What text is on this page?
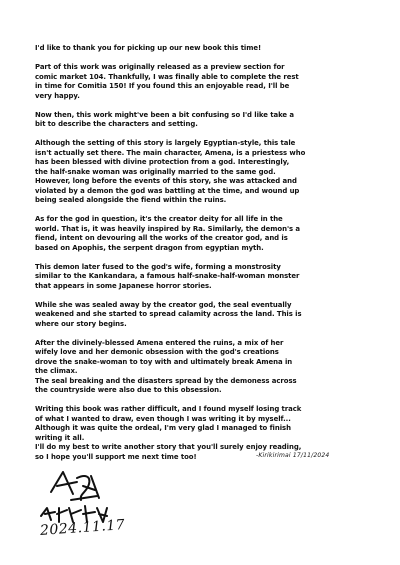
I'd like to thank you for picking up our new book this time!

Part of this work was originally released as a preview section for
comic market 104. Thankfully, I was finally able to complete the rest
in time for Comitia 150! If you found this an enjoyable read, I'll be
very happy.

Now then, this work might've been a bit confusing so I'd like take a
bit to describe the characters and setting.

Although the setting of this story is largely Egyptian-style, this tale
isn't actually set there. The main character, Amena, is a priestess who
has been blessed with divine protection from a god. Interestingly,
the half-snake woman was originally married to the same god.
However, long before the events of this story, she was attacked and
violated by a demon the god was battling at the time, and wound up
being sealed alongside the fiend within the ruins.

As for the god in question, it's the creator deity for all life in the
world. That is, it was heavily inspired by Ra. Similarly, the demon's a
fiend, intent on devouring all the works of the creator god, and is
based on Apophis, the serpent dragon from egyptian myth.

This demon later fused to the god's wife, forming a monstrosity
similar to the Kankandara, a famous half-snake-half-woman monster
that appears in some Japanese horror stories.

While she was sealed away by the creator god, the seal eventually
weakened and she started to spread calamity across the land. This is
where our story begins.

After the divinely-blessed Amena entered the ruins, a mix of her
wifely love and her demonic obsession with the god's creations
drove the snake-woman to toy with and ultimately break Amena in
the climax.
The seal breaking and the disasters spread by the demoness across
the countryside were also due to this obsession.

Writing this book was rather difficult, and I found myself losing track
of what I wanted to draw, even though I was writing it by myself...
Although it was quite the ordeal, I'm very glad I managed to finish
writing it all.
I'll do my best to write another story that you'll surely enjoy reading,
so I hope you'll support me next time too!	-Kirikirimai 17/11/2024
2024.11.17
